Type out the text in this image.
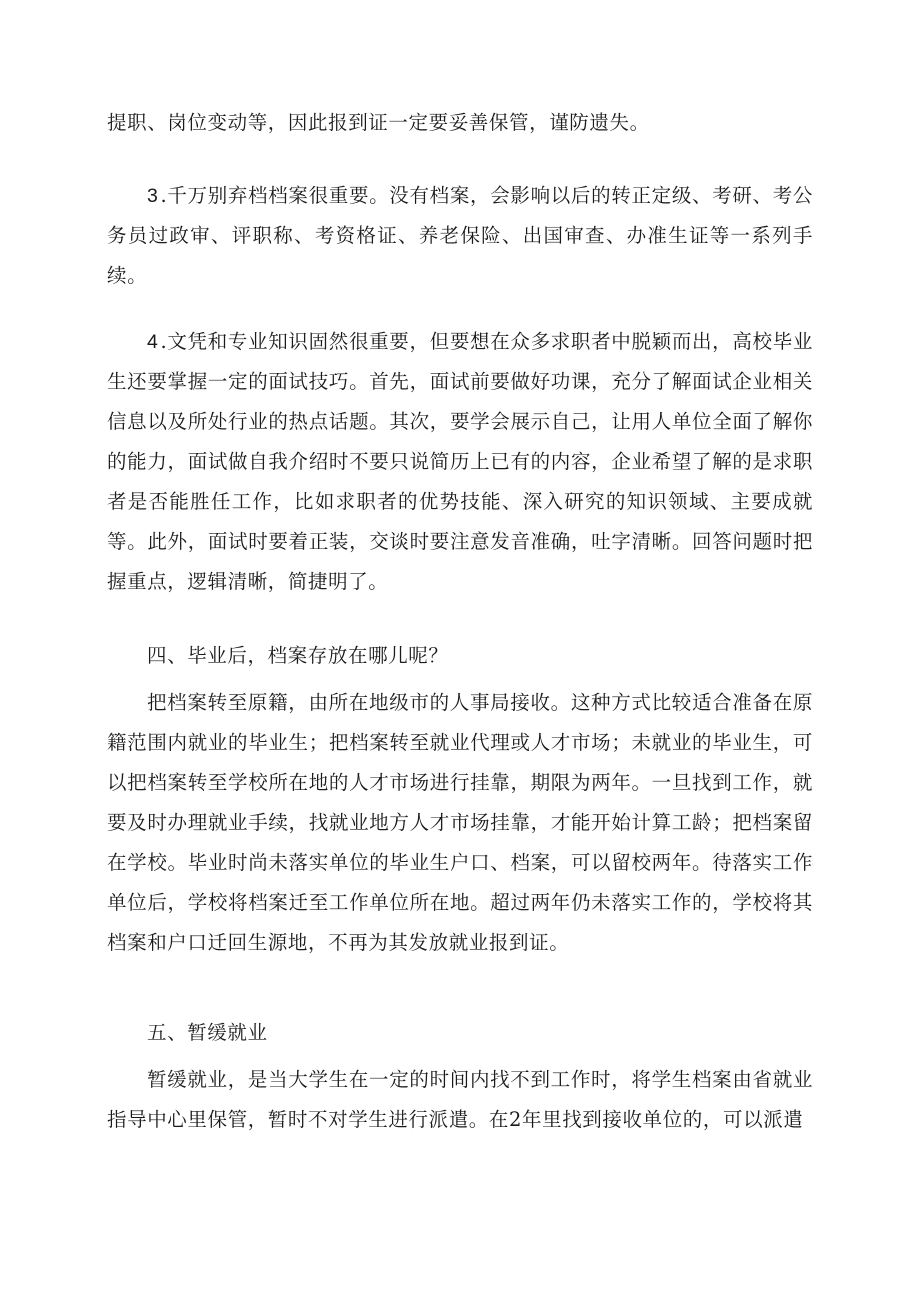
提职、岗位变动等，因此报到证一定要妥善保管，谨防遗失。

3 .千万别弃档档案很重要。没有档案，会影响以后的转正定级、考研、考公务员过政审、评职称、考资格证、养老保险、出国审查、办准生证等一系列手续。

4 .文凭和专业知识固然很重要，但要想在众多求职者中脱颖而出，高校毕业生还要掌握一定的面试技巧。首先，面试前要做好功课，充分了解面试企业相关信息以及所处行业的热点话题。其次，要学会展示自己，让用人单位全面了解你的能力，面试做自我介绍时不要只说简历上已有的内容，企业希望了解的是求职者是否能胜任工作，比如求职者的优势技能、深入研究的知识领域、主要成就等。此外，面试时要着正装，交谈时要注意发音准确，吐字清晰。回答问题时把握重点，逻辑清晰，简捷明了。

四、毕业后，档案存放在哪儿呢？

把档案转至原籍，由所在地级市的人事局接收。这种方式比较适合准备在原籍范围内就业的毕业生；把档案转至就业代理或人才市场；未就业的毕业生，可以把档案转至学校所在地的人才市场进行挂靠，期限为两年。一旦找到工作，就要及时办理就业手续，找就业地方人才市场挂靠，才能开始计算工龄；把档案留在学校。毕业时尚未落实单位的毕业生户口、档案，可以留校两年。待落实工作单位后，学校将档案迁至工作单位所在地。超过两年仍未落实工作的，学校将其档案和户口迁回生源地，不再为其发放就业报到证。

五、暂缓就业

暂缓就业，是当大学生在一定的时间内找不到工作时，将学生档案由省就业指导中心里保管，暂时不对学生进行派遣。在2年里找到接收单位的，可以派遣
